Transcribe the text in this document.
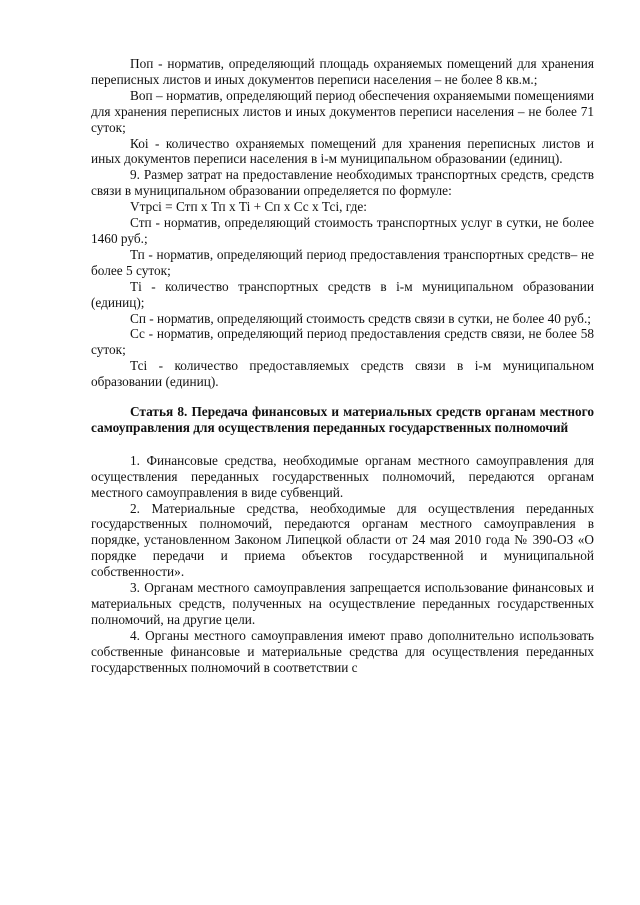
Поп - норматив, определяющий площадь охраняемых помещений для хранения переписных листов и иных документов переписи населения – не более 8 кв.м.;

Воп – норматив, определяющий период обеспечения охраняемыми помещениями для хранения переписных листов и иных документов переписи населения – не более 71 суток;

Коі - количество охраняемых помещений для хранения переписных листов и иных документов переписи населения в і-м муниципальном образовании (единиц).

9. Размер затрат на предоставление необходимых транспортных средств, средств связи в муниципальном образовании определяется по формуле:

Vтрсi = Стп х Тп х Ti + Сп х Сс х Тсi, где:

Стп - норматив, определяющий стоимость транспортных услуг в сутки, не более 1460 руб.;

Тп - норматив, определяющий период предоставления транспортных средств– не более 5 суток;

Тi - количество транспортных средств в і-м муниципальном образовании (единиц);

Сп - норматив, определяющий стоимость средств связи в сутки, не более 40 руб.;

Сс - норматив, определяющий период предоставления средств связи, не более 58 суток;

Тсi - количество предоставляемых средств связи в і-м муниципальном образовании (единиц).

Статья 8. Передача финансовых и материальных средств органам местного самоуправления для осуществления переданных государственных полномочий

1. Финансовые средства, необходимые органам местного самоуправления для осуществления переданных государственных полномочий, передаются органам местного самоуправления в виде субвенций.

2. Материальные средства, необходимые для осуществления переданных государственных полномочий, передаются органам местного самоуправления в порядке, установленном Законом Липецкой области от 24 мая 2010 года № 390-ОЗ «О порядке передачи и приема объектов государственной и муниципальной собственности».

3. Органам местного самоуправления запрещается использование финансовых и материальных средств, полученных на осуществление переданных государственных полномочий, на другие цели.

4. Органы местного самоуправления имеют право дополнительно использовать собственные финансовые и материальные средства для осуществления переданных государственных полномочий в соответствии с
